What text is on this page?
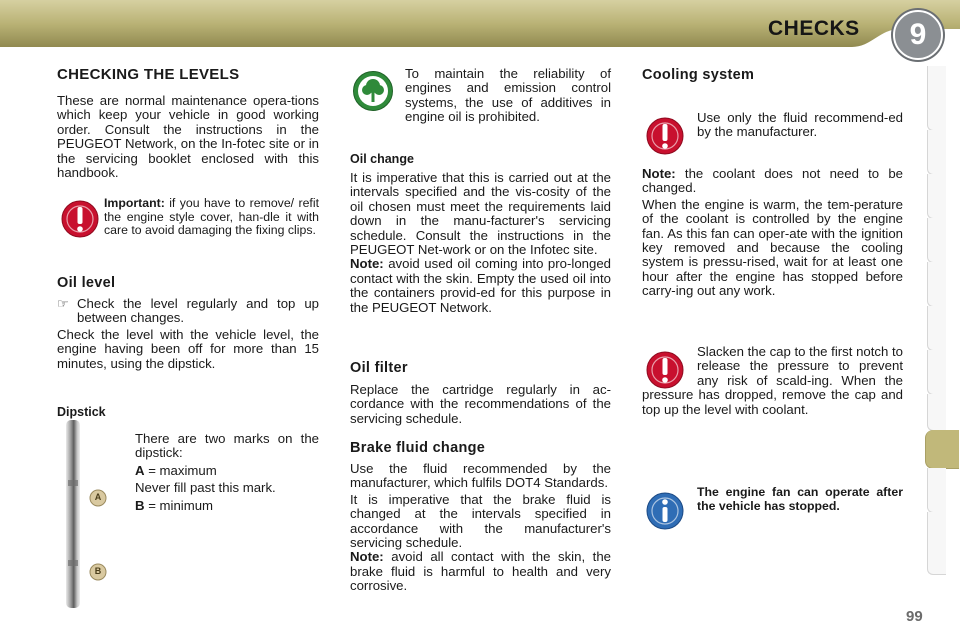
CHECKS	9
CHECKING THE LEVELS

These are normal maintenance opera-tions which keep your vehicle in good working order. Consult the instructions in the PEUGEOT Network, on the In-fotec site or in the servicing booklet enclosed with this handbook.

Important: if you have to remove/ refit the engine style cover, han-dle it with care to avoid damaging the fixing clips.

Oil level

☞ Check the level regularly and top up between changes.

Check the level with the vehicle level, the engine having been off for more than 15 minutes, using the dipstick.

Dipstick
A
B

There are two marks on the dipstick:

A = maximum

Never fill past this mark.

B = minimum

To maintain the reliability of engines and emission control systems, the use of additives in engine oil is prohibited.

Oil change

It is imperative that this is carried out at the intervals specified and the vis-cosity of the oil chosen must meet the requirements laid down in the manu-facturer's servicing schedule. Consult the instructions in the PEUGEOT Net-work or on the Infotec site.

Note: avoid used oil coming into pro-longed contact with the skin. Empty the used oil into the containers provid-ed for this purpose in the PEUGEOT Network.

Oil filter

Replace the cartridge regularly in ac-cordance with the recommendations of the servicing schedule.

Brake fluid change

Use the fluid recommended by the manufacturer, which fulfils DOT4 Standards.

It is imperative that the brake fluid is changed at the intervals specified in accordance with the manufacturer's servicing schedule.

Note: avoid all contact with the skin, the brake fluid is harmful to health and very corrosive.

Cooling system

Use only the fluid recommend-ed by the manufacturer.

Note: the coolant does not need to be changed.

When the engine is warm, the tem-perature of the coolant is controlled by the engine fan. As this fan can oper-ate with the ignition key removed and because the cooling system is pressu-rised, wait for at least one hour after the engine has stopped before carry-ing out any work.

Slacken the cap to the first notch to release the pressure to prevent any risk of scald-ing. When the pressure has dropped, remove the cap and top up the level with coolant.

The engine fan can operate after the vehicle has stopped.

99
